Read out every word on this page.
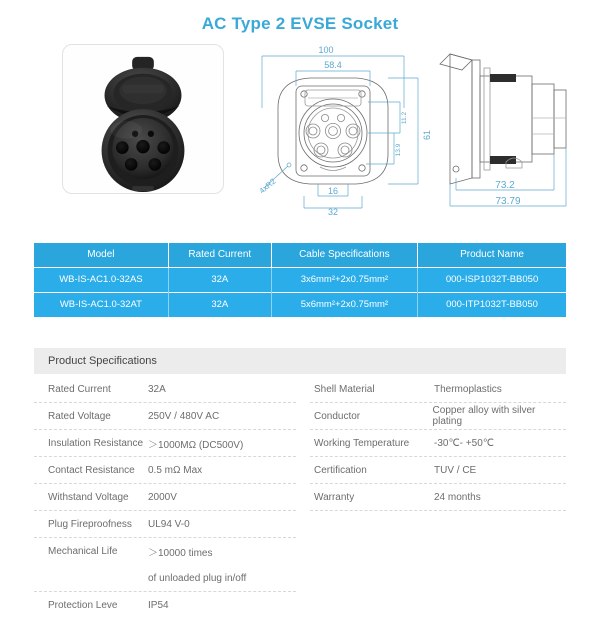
AC Type 2 EVSE Socket
100
58.4
61
11.2
13.9
16
32
4xR2	73.2
73.79
Model	Rated Current	Cable Specifications	Product Name
WB-IS-AC1.0-32AS	32A	3x6mm²+2x0.75mm²	000-ISP1032T-BB050
WB-IS-AC1.0-32AT	32A	5x6mm²+2x0.75mm²	000-ITP1032T-BB050
Product Specifications
Rated Current	32A
Rated Voltage	250V / 480V AC
Insulation Resistance ＞1000MΩ (DC500V)
Contact Resistance	0.5 mΩ Max
Withstand Voltage	2000V
Plug Fireproofness	UL94 V-0
Mechanical Life	＞10000 times
of unloaded plug in/off
Protection Leve	IP54
Shell Material	Thermoplastics
Conductor	Copper alloy with silver plating
Working Temperature	-30℃- +50℃
Certification	TUV / CE
Warranty	24 months
